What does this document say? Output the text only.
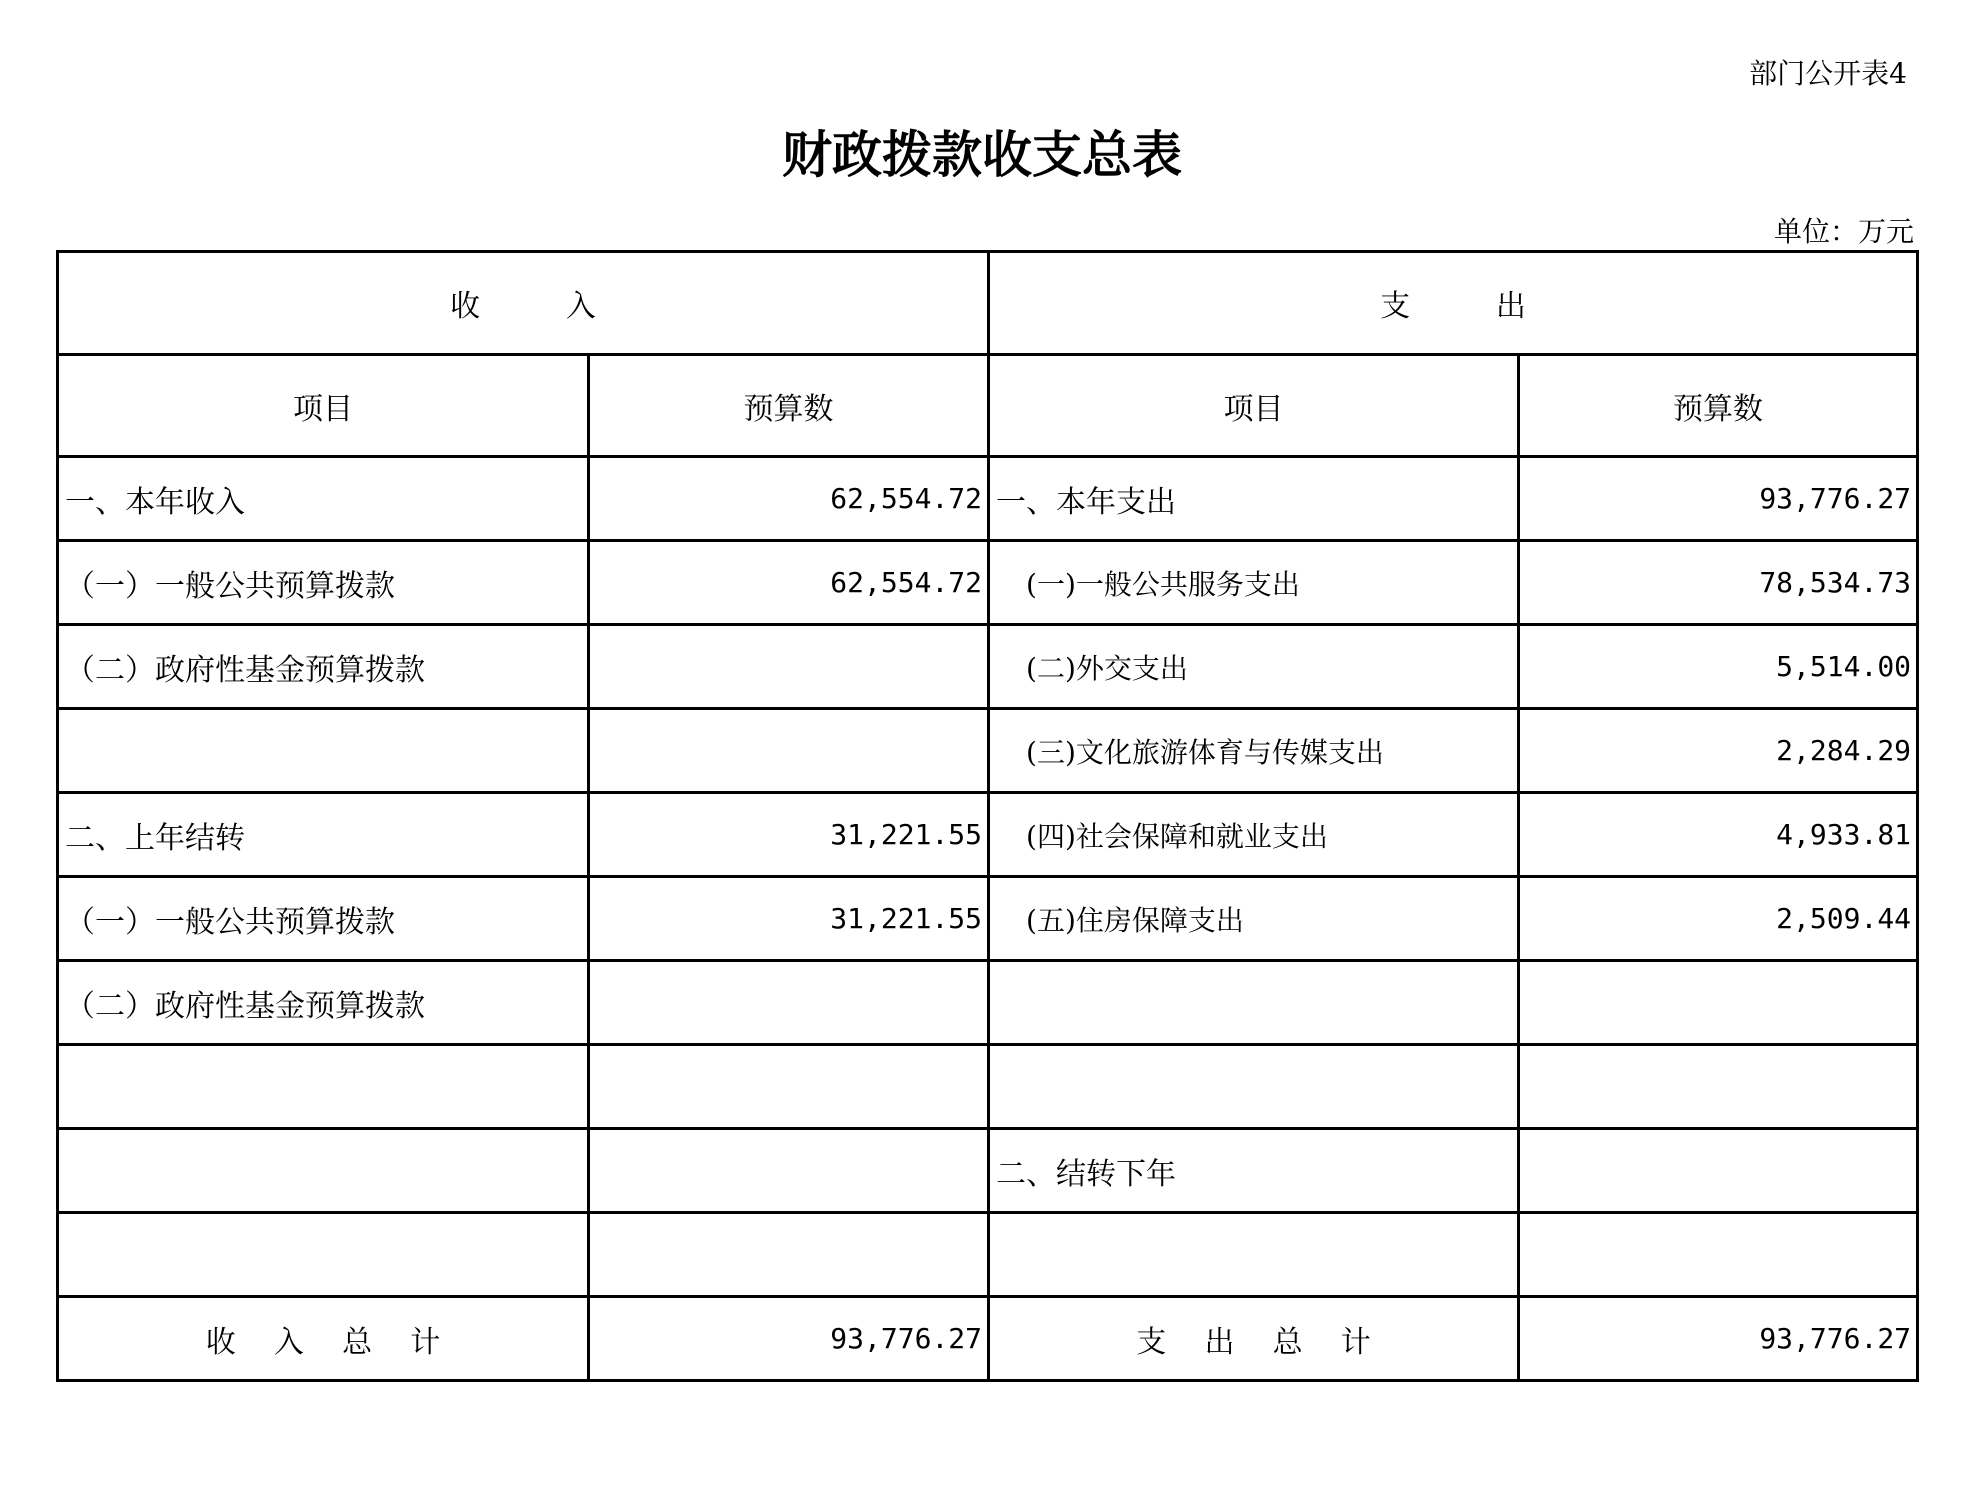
部门公开表4
财政拨款收支总表
单位：万元
收         入		支         出	
项目	预算数	项目	预算数
一、本年收入	62,554.72	一、本年支出	93,776.27
（一）一般公共预算拨款	62,554.72	(一)一般公共服务支出	78,534.73
（二）政府性基金预算拨款		(二)外交支出	5,514.00
		(三)文化旅游体育与传媒支出	2,284.29
二、上年结转	31,221.55	(四)社会保障和就业支出	4,933.81
（一）一般公共预算拨款	31,221.55	(五)住房保障支出	2,509.44
（二）政府性基金预算拨款			

		二、结转下年	

收    入    总    计	93,776.27	支    出    总    计	93,776.27
